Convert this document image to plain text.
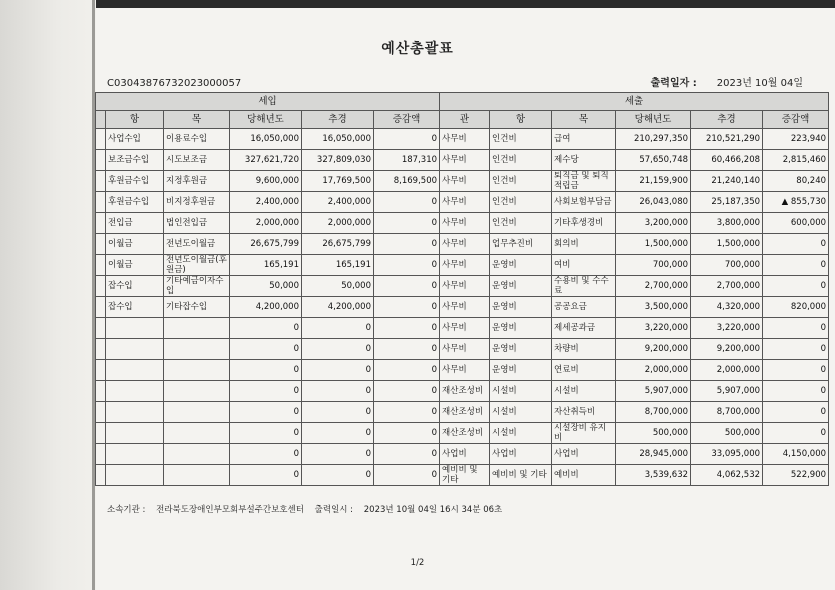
예산총괄표
C03043876732023000057	출력일자 : 2023년 10월 04일
세입						세출					
	항	목	당해년도	추경	증감액	관	항	목	당해년도	추경	증감액
	사업수입	이용료수입	16,050,000	16,050,000	0	사무비	인건비	급여	210,297,350	210,521,290	223,940
	보조금수입	시도보조금	327,621,720	327,809,030	187,310	사무비	인건비	제수당	57,650,748	60,466,208	2,815,460
	후원금수입	지정후원금	9,600,000	17,769,500	8,169,500	사무비	인건비	퇴직금 및 퇴직적립금	21,159,900	21,240,140	80,240
	후원금수입	비지정후원금	2,400,000	2,400,000	0	사무비	인건비	사회보험부담금	26,043,080	25,187,350	▲ 855,730
	전입금	법인전입금	2,000,000	2,000,000	0	사무비	인건비	기타후생경비	3,200,000	3,800,000	600,000
	이월금	전년도이월금	26,675,799	26,675,799	0	사무비	업무추진비	회의비	1,500,000	1,500,000	0
	이월금	전년도이월금(후원금)	165,191	165,191	0	사무비	운영비	여비	700,000	700,000	0
	잡수입	기타예금이자수입	50,000	50,000	0	사무비	운영비	수용비 및 수수료	2,700,000	2,700,000	0
	잡수입	기타잡수입	4,200,000	4,200,000	0	사무비	운영비	공공요금	3,500,000	4,320,000	820,000
			0	0	0	사무비	운영비	제세공과금	3,220,000	3,220,000	0
			0	0	0	사무비	운영비	차량비	9,200,000	9,200,000	0
			0	0	0	사무비	운영비	연료비	2,000,000	2,000,000	0
			0	0	0	재산조성비	시설비	시설비	5,907,000	5,907,000	0
			0	0	0	재산조성비	시설비	자산취득비	8,700,000	8,700,000	0
			0	0	0	재산조성비	시설비	시설장비 유지비	500,000	500,000	0
			0	0	0	사업비	사업비	사업비	28,945,000	33,095,000	4,150,000
			0	0	0	예비비 및 기타	예비비 및 기타	예비비	3,539,632	4,062,532	522,900
소속기관 : 전라북도장애인부모회부설주간보호센터 출력일시 : 2023년 10월 04일 16시 34분 06초
1/2
